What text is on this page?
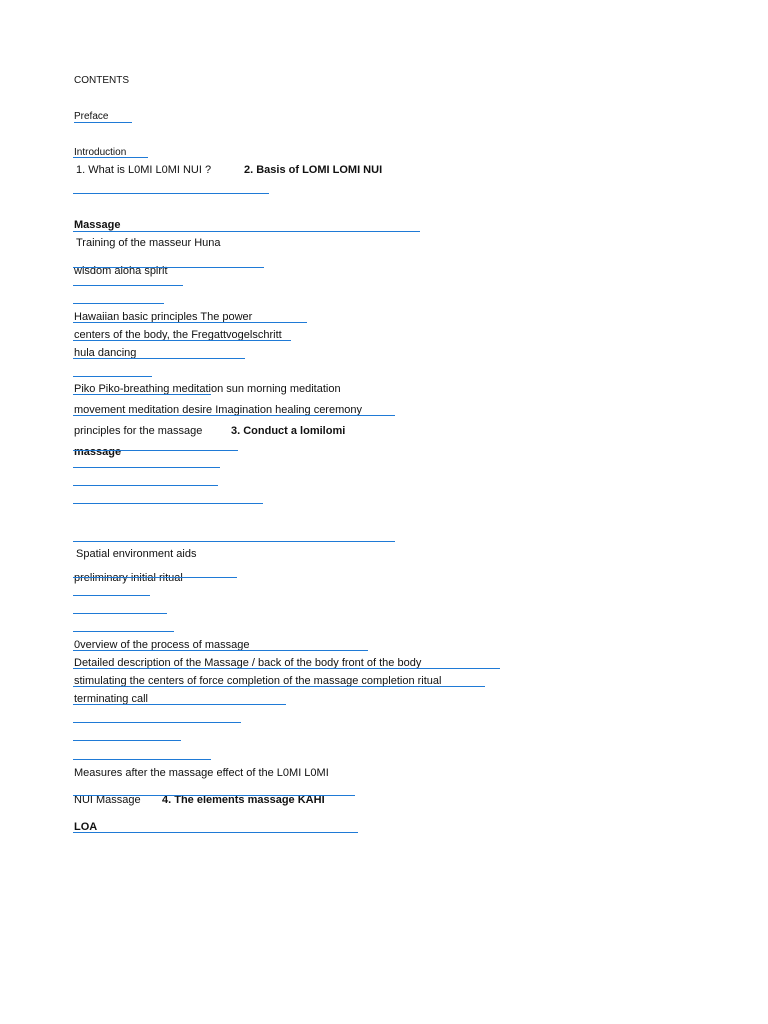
CONTENTS
Preface
Introduction
1. What is L0MI L0MI NUI ?	2. Basis of LOMI LOMI NUI
Massage
Training of the masseur Huna
wisdom aloha spirit
Hawaiian basic principles The power
centers of the body, the Fregattvogelschritt
hula dancing
Piko Piko-breathing meditation sun morning meditation
movement meditation desire Imagination healing ceremony
principles for the massage	3. Conduct a lomilomi
massage
Spatial environment aids
preliminary initial ritual
0verview of the process of massage
Detailed description of the Massage / back of the body front of the body
stimulating the centers of force completion of the massage completion ritual
terminating call
Measures after the massage effect of the L0MI L0MI
NUI Massage 4. The elements massage KAHI
LOA
